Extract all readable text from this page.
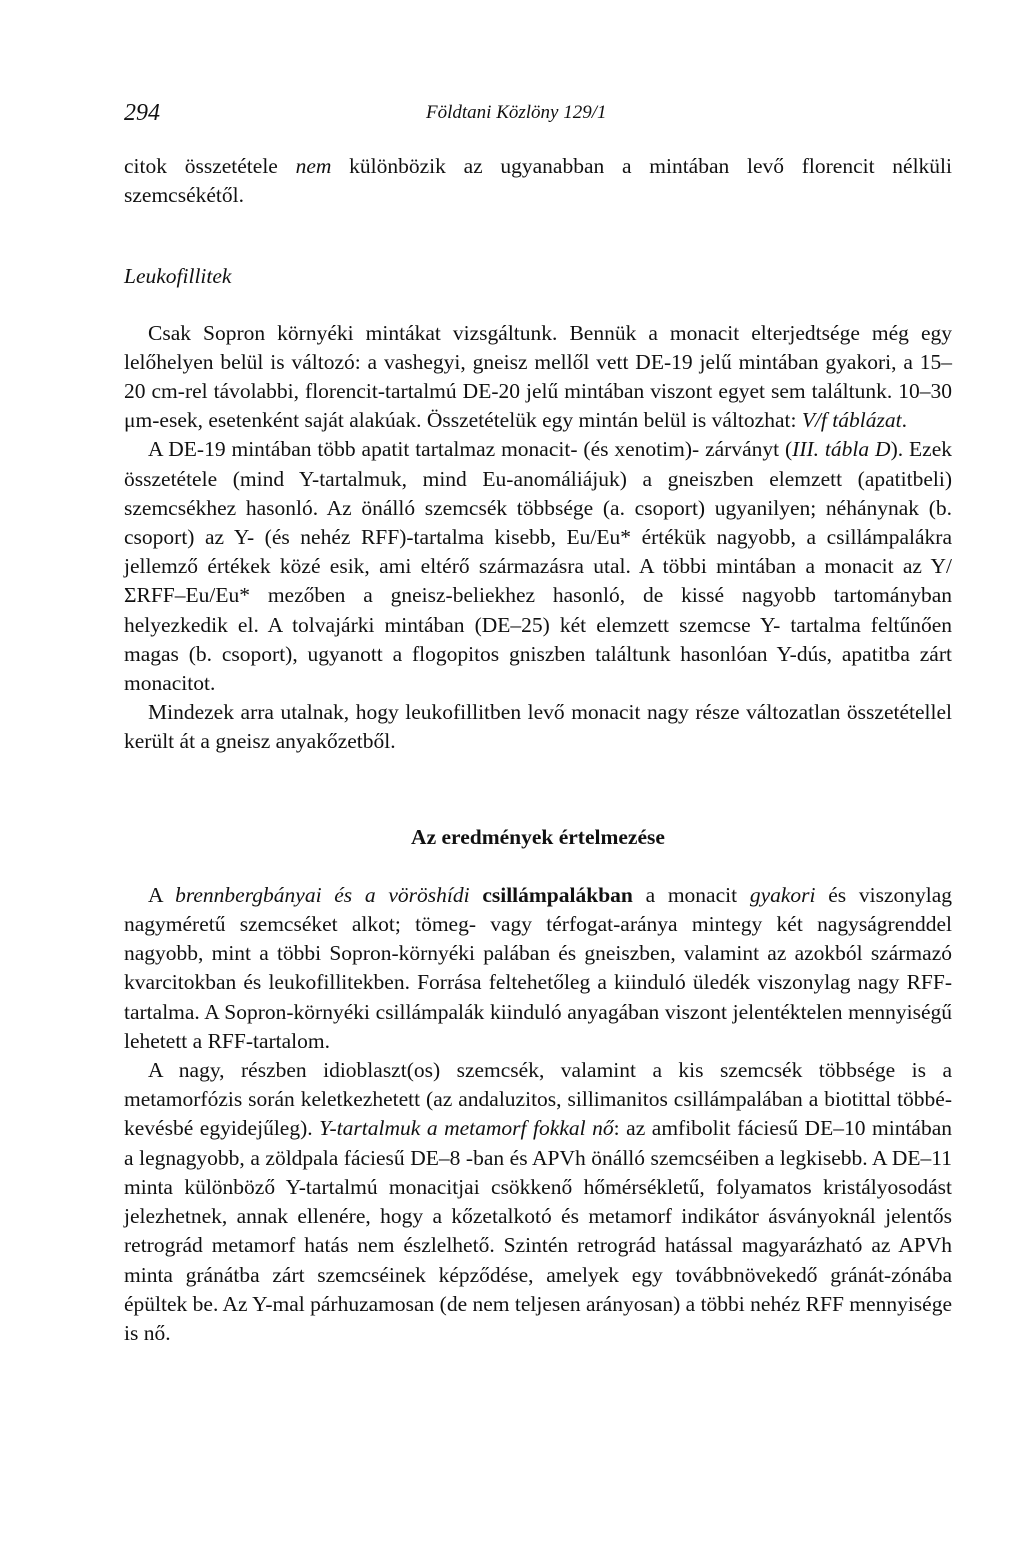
294	Földtani Közlöny 129/1

citok összetétele nem különbözik az ugyanabban a mintában levő florencit nélküli szemcsékétől.

Leukofillitek

Csak Sopron környéki mintákat vizsgáltunk. Bennük a monacit elterjedtsége még egy lelőhelyen belül is változó: a vashegyi, gneisz mellől vett DE-19 jelű mintában gyakori, a 15–20 cm-rel távolabbi, florencit-tartalmú DE-20 jelű mintában viszont egyet sem találtunk. 10–30 μm-esek, esetenként saját alakúak. Összetételük egy mintán belül is változhat: V/f táblázat.

A DE-19 mintában több apatit tartalmaz monacit- (és xenotim)- zárványt (III. tábla D). Ezek összetétele (mind Y-tartalmuk, mind Eu-anomáliájuk) a gneiszben elemzett (apatitbeli) szemcsékhez hasonló. Az önálló szemcsék többsége (a. csoport) ugyanilyen; néhánynak (b. csoport) az Y- (és nehéz RFF)-tartalma kisebb, Eu/Eu* értékük nagyobb, a csillámpalákra jellemző értékek közé esik, ami eltérő származásra utal. A többi mintában a monacit az Y/ΣRFF–Eu/Eu* mezőben a gneisz-beliekhez hasonló, de kissé nagyobb tartományban helyezkedik el. A tolvajárki mintában (DE–25) két elemzett szemcse Y- tartalma feltűnően magas (b. csoport), ugyanott a flogopitos gniszben találtunk hasonlóan Y-dús, apatitba zárt monacitot.

Mindezek arra utalnak, hogy leukofillitben levő monacit nagy része változatlan összetétellel került át a gneisz anyakőzetből.

Az eredmények értelmezése

A brennbergbányai és a vöröshídi csillámpalákban a monacit gyakori és viszonylag nagyméretű szemcséket alkot; tömeg- vagy térfogat-aránya mintegy két nagyságrenddel nagyobb, mint a többi Sopron-környéki palában és gneiszben, valamint az azokból származó kvarcitokban és leukofillitekben. Forrása feltehetőleg a kiinduló üledék viszonylag nagy RFF-tartalma. A Sopron-környéki csillámpalák kiinduló anyagában viszont jelentéktelen mennyiségű lehetett a RFF-tartalom.

A nagy, részben idioblaszt(os) szemcsék, valamint a kis szemcsék többsége is a metamorfózis során keletkezhetett (az andaluzitos, sillimanitos csillámpalában a biotittal többé-kevésbé egyidejűleg). Y-tartalmuk a metamorf fokkal nő: az amfibolit fáciesű DE–10 mintában a legnagyobb, a zöldpala fáciesű DE–8 -ban és APVh önálló szemcséiben a legkisebb. A DE–11 minta különböző Y-tartalmú monacitjai csökkenő hőmérsékletű, folyamatos kristályosodást jelezhetnek, annak ellenére, hogy a kőzetalkotó és metamorf indikátor ásványoknál jelentős retrográd metamorf hatás nem észlelhető. Szintén retrográd hatással magyarázható az APVh minta gránátba zárt szemcséinek képződése, amelyek egy továbbnövekedő gránát-zónába épültek be. Az Y-mal párhuzamosan (de nem teljesen arányosan) a többi nehéz RFF mennyisége is nő.
